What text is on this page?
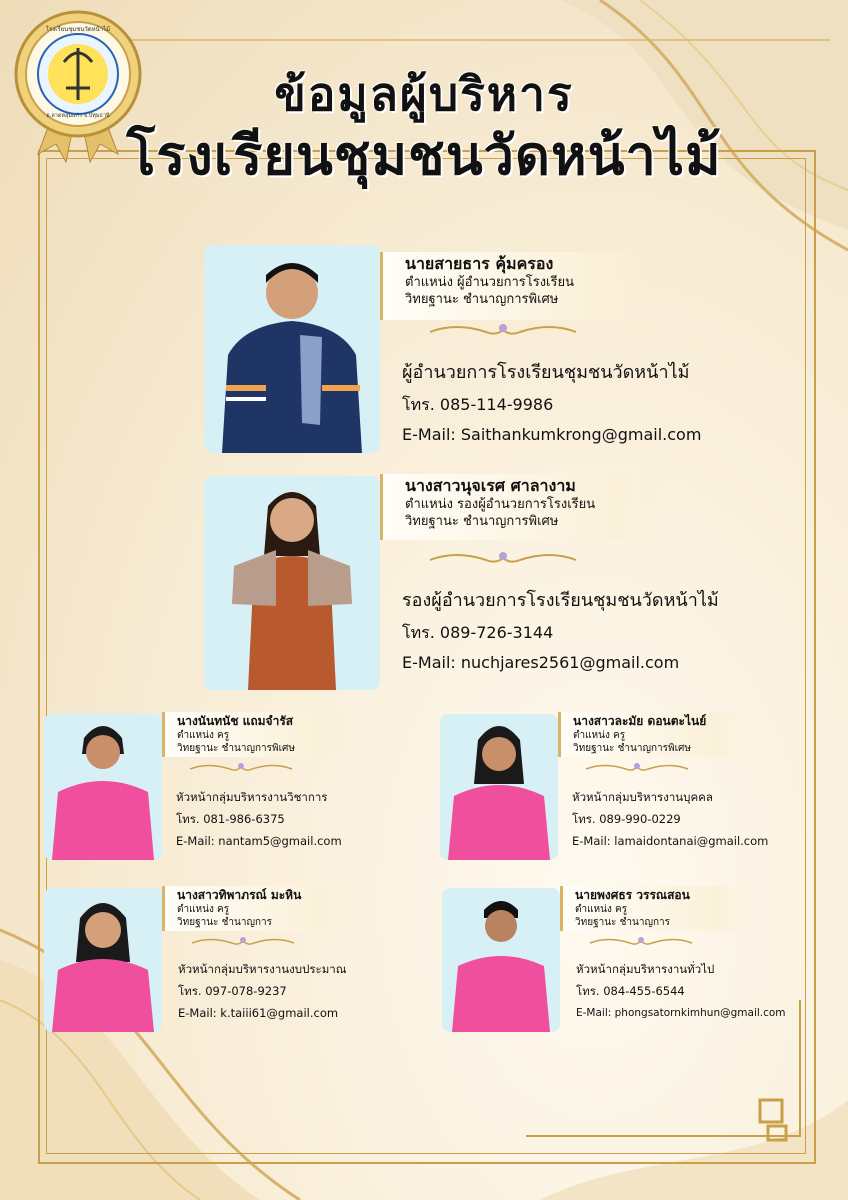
โรงเรียนชุมชนวัดหน้าไม้
อ.ลาดหลุมแก้ว จ.ปทุมธานี	ข้อมูลผู้บริหาร
โรงเรียนชุมชนวัดหน้าไม้
นายสายธาร คุ้มครอง
ตำแหน่ง ผู้อำนวยการโรงเรียน
วิทยฐานะ ชำนาญการพิเศษ
ผู้อำนวยการโรงเรียนชุมชนวัดหน้าไม้
โทร. 085-114-9986
E-Mail: Saithankumkrong@gmail.com
นางสาวนุจเรศ ศาลางาม
ตำแหน่ง รองผู้อำนวยการโรงเรียน
วิทยฐานะ ชำนาญการพิเศษ
รองผู้อำนวยการโรงเรียนชุมชนวัดหน้าไม้
โทร. 089-726-3144
E-Mail: nuchjares2561@gmail.com
นางนันทนัช แถมจำรัส
ตำแหน่ง ครู
วิทยฐานะ ชำนาญการพิเศษ
หัวหน้ากลุ่มบริหารงานวิชาการ
โทร. 081-986-6375
E-Mail: nantam5@gmail.com
นางสาวละมัย ดอนตะไนย์
ตำแหน่ง ครู
วิทยฐานะ ชำนาญการพิเศษ
หัวหน้ากลุ่มบริหารงานบุคคล
โทร. 089-990-0229
E-Mail: lamaidontanai@gmail.com
นางสาวทิพาภรณ์ มะหิน
ตำแหน่ง ครู
วิทยฐานะ ชำนาญการ
หัวหน้ากลุ่มบริหารงานงบประมาณ
โทร. 097-078-9237
E-Mail: k.taiii61@gmail.com
นายพงศธร วรรณสอน
ตำแหน่ง ครู
วิทยฐานะ ชำนาญการ
หัวหน้ากลุ่มบริหารงานทั่วไป
โทร. 084-455-6544
E-Mail: phongsatornkimhun@gmail.com
